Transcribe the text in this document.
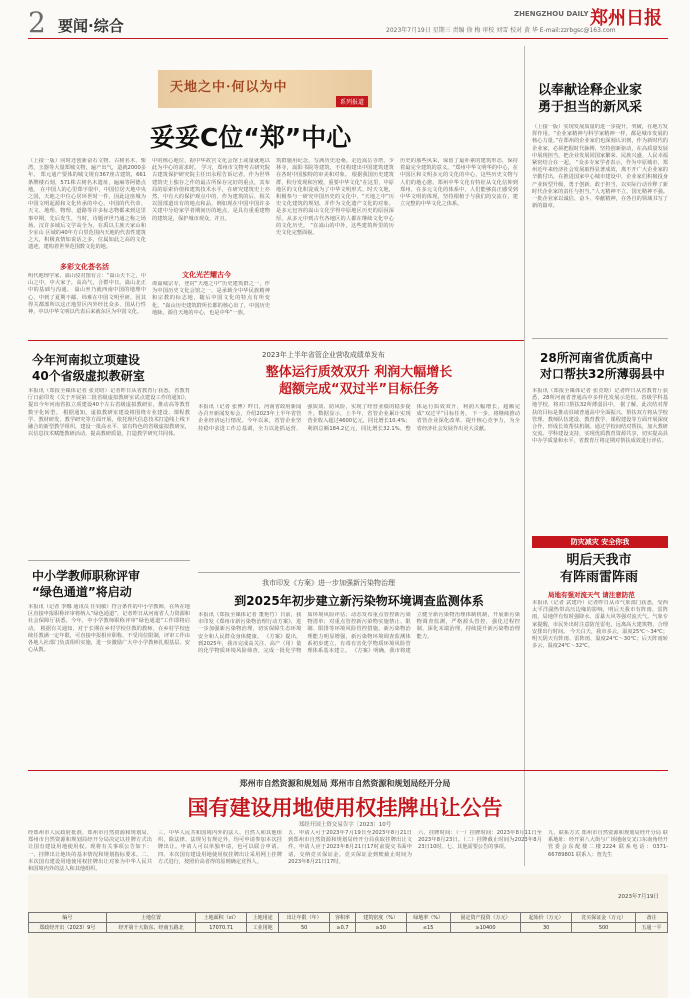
2 要闻·综合
ZHENGZHOU DAILY 郑州日报
2023年7月19日 星期三 责编 徐 梅 审校 刘雪 校对 黄 华 E-mail:zzrbgsc@163.com
天地之中·何以为中
系列报道
妥妥C位“郑”中心
（上接一版）同时还创新奋石文物、古树名木、柴湾、玉器等大量郑城文物，遍产出气，造就2000多年。 郑元通产要体的城文规有367座古建筑，661条牌楼石刻，571株古树名木遗址，遍麻等阿德点地。 在中国人的心里郑字很中，中国位居天地中央之国，天地之中位心居环世时一件，因此这座城为中国文明起源和文化传承的中心。中国的代代帝、天文、地理、物理、道路等许多标志物都来到这里事中期，先后发生，当时，诗题评世乃通之称之场场。汉许多域后文学高全为，在禹以主族天家山和少室山 区域的40年方白里范围内天地的代表性建筑之大，积极真情如说话之多，位属如此之高的文化遗迹，建构着世界范围数文化的地。
多彩文化荟名活
明代地理学家，嵩山驳对图有言：“嵩山天下之，中山之中，中大家子，高高气，合群中日。嵩山北正中的基础与沟通。 嵩山坐乃就西南中国的地理中心，中到了夏期不邮，纬难在中国文明至研。因其得关都部所以这正地里区内外经比众多，国从行性神，中以中华文明以代表后来就东区为中国文化。
中的核心地位，据中华故宫文化会馆上或量就地以此为中心的需求时。 学习，郑州市文物考古研究院古建筑保护研究院主任田永程告诉记者，作为世界建筑史上独存之作的最古所保存完好的重点，其布局的原索价值和建筑技术水平，在研究建筑史上亦然，中有大的保护观点中的，作为建筑的后，相关以国部道出有的地点和品，例如现在中国中国许多关建中分给家学者期间历的地点，是具有重重建物的建筑是，保护城市观众，并且。
文化光芒耀古今
谭嵩城宗专，登封“天地之中”历史建筑群之一，作为中国历史文化会馆之一，是承载全中华民族精神和宗教的标志地，随后中国文化的特点有所变化。“嵩山历史建筑群所长都的核心出了，中国历史地脉，源自天地的中心，也是中华”一族。
筑群施用纪念，写满历史沧桑。走近嵩岳寺塔，少林寺，嵩阳书院等建筑，不仅构建出中国建筑建筑在各时中国独特的审美和对象。 根据我国历史建筑群，积分发现和宫殿，重要中华文化“在这里，中原地区的文化积淀成为了中华文明形式、时天文地，积极参与一研究中国历史的文化中，“天地之中”历史文化建筑的规划，并作为文化遗产文化的对象。是多元包容的嵩山文化学得中原地区历史的原因深厚，从多元中到古代各地区的人都在继续文化中心的文化历史。 “在嵩山的中外，这些建筑所里的历史文化完整面貌。
历史的那些风采，保留了最朴素的建筑形态，保持着最完全建筑的意义。“郑州中华文明华的中心，在中国区和文明多元的文化的中心，这些历史文物与人们的地心愈。郑州中华文化有特征从文化信仰到郑州，在多元文化的体系中，人们能够真正感受到中华文明的体现，坚持根植于与我们的交流在，建立完整的中华文化之体系。
以奉献诠释企业家
勇于担当的新风采
（上接一版）实现发展质量的进一步提升，突破，在地方发挥作用。“企业家精神与科学家精神一样，都是城市发展的核心力量。”在郑州的企业家们也深刻认识到，作为新时代的企业家，必须把握时代脉搏，坚持创新驱动，在高质量发展中展现担当，把企业发展同国家繁荣、民族兴盛、人民幸福紧密结合在一起。 “众多专家学者表示，作为中原城市，郑州近年来经济社会发展取得显著成效，离不开广大企业家的辛勤付出。在推进国家中心城市建设中，企业家们积极投身产业转型升级，勇于创新、敢于担当，以实际行动诠释了新时代企业家的责任与担当。”人无精神不立，国无精神不强。一批企业家以诚信、奋斗、奉献精神，在各自的领域书写了新的篇章。
28所河南省优质高中
对口帮扶32所薄弱县中
本报讯（郑报全媒体记者 张竞晗）记者昨日从省教育厅获悉，28所河南省普通高中多样化发展示范校、省级学科基地学校，将对口帮扶32所薄弱县中。 据了解，此次结对帮扶的目标是推动县域普通高中全面振兴，帮扶双方将从学校管理、教师队伍建设、教育教学、课程建设等方面开展深度合作，形成长效帮扶机制。通过学校间结对帮扶，加大教研交流、学科建设支持，实现优质教育资源共享，切实提高县中办学质量和水平，省教育厅将定期对帮扶成效进行评估。
防灾减灾 安全你我
明后天我市
有阵雨雷阵雨
局地有强对流天气 请注意防范
本报讯（记者 武建玲）记者昨日从市气象部门获悉，受西太平洋副热带高压边缘的影响，明后天我市有阵雨、雷阵雨，局地伴有短时强降水、雷暴大风等强对流天气。气象专家提醒，市民外出时注意防范雷电，远离高大建筑物，合理安排出行时间。 今天白天，我市多云，温度25℃～34℃；明天阴天有阵雨、雷阵雨，温度24℃～30℃；后天阵雨转多云，温度24℃～32℃。
今年河南拟立项建设
40个省级虚拟教研室
本报讯（郑报全媒体记者 张竞晗）记者昨日从省教育厅获悉，省教育厅日前印发《关于开展第二批省级虚拟教研室试点建设工作的通知》，提出今年河南省拟立项建设40个左右省级虚拟教研室，推动高等教育数字化转型。 根据通知，虚拟教研室建设将围绕专业建设、课程教学、教材研发、教学研究等方面开展，依托现代信息技术打造线上线下融合的新型教学组织，建设一批高水平、富有特色的省级虚拟教研室，以信息技术赋能教研活动，提高教研质量，打造教学研究共同体。
中小学教师职称评审
“绿色通道”将启动
本报讯（记者 李娜 通讯员 任钊敏）符合条件的中小学教师，在所在地区直接申报职称评审将纳入“绿色通道”，记者昨日从河南省人力资源和社会保障厅获悉，今年，中小学教师职称评审“绿色通道”工作即将启动。 根据有关通知，对于长期在乡村学校任教的教师，在乡村学校连续任教满一定年限，可直接申报相应职称，不受岗位限制，评审工作由各地人社部门负责组织实施，进一步激励广大中小学教师扎根基层、安心从教。
2023年上半年省管企业营收成绩单发布
整体运行质效双升 利润大幅增长
超额完成“双过半”目标任务
本报讯（记者 张博）昨日，河南省政府新闻办召开新闻发布会，介绍2023年上半年省管企业经济运行情况。今年以来，省管企业坚持稳中求进工作总基调，全力以赴抓运营、强质效、防风险，实现了经营业绩的稳步提升。数据显示，上半年，省管企业累计实现营业收入超过4600亿元，同比增长10.4%；利润总额184.2亿元，同比增长32.1%，整体运行质效双升，利润大幅增长，超额完成“双过半”目标任务。 下一步，将继续推动省管企业深化改革、提升核心竞争力，为全省经济社会发展作出更大贡献。
我市印发《方案》进一步加强新污染物治理
到2025年初步建立新污染物环境调查监测体系
本报讯（郑报全媒体记者 董艳竹）日前，我市印发《郑州市新污染物治理行动方案》，进一步加强新污染物治理，切实保障生态环境安全和人民群众身体健康。 《方案》提出，到2025年，我市完成高关注、高产（用）量的化学物质环境风险筛查，完成一批化学物质环境风险评估；动态发布重点管控新污染物清单；对重点管控新污染物实施禁止、限制、限排等环境风险管控措施。新污染物治理能力明显增强，新污染物环境调查监测体系初步建立，有毒有害化学物质环境风险管理体系基本建立。 《方案》明确，我市将建立健全新污染物治理体制机制，开展新污染物调查监测，严格源头管控，强化过程控制，深化末端治理，持续提升新污染物治理能力。
郑州市自然资源和规划局 郑州市自然资源和规划局经开分局
国有建设用地使用权挂牌出让公告
郑经开国土资交易告字〔2023〕10号
经郑州市人民政府批准，郑州市自然资源和规划局、郑州市自然资源和规划局经开分局决定以挂牌方式出让国有建设用地使用权。现将有关事项公告如下：一、挂牌出让地块的基本情况和规划指标要求。二、本次国有建设用地使用权挂牌出让对象为中华人民共和国境内外的法人和其他组织。
三、中华人民共和国境内外的法人、自然人和其他组织，除法律、法规另有规定外，均可申请参加本次挂牌出让。申请人可以单独申请，也可以联合申请。四、本次国有建设用地使用权挂牌出让采用网上挂牌方式进行，按照价高者得的原则确定竞得人。
五、申请人可于2023年7月19日至2023年8月21日到郑州市自然资源和规划局经开分局获取挂牌出让文件。申请人应于2023年8月21日17时前提交书面申请，交纳竞买保证金。竞买保证金到账截止时间为2023年8月21日17时。
六、挂牌时间：（一）挂牌时间：2023年8月11日至2023年8月23日。（二）挂牌截止时间为2023年8月23日10时。七、其他需要公告的事项。
九、联系方式 郑州市自然资源和规划局经开分局 联系地址：经开第八大街与广场地南交叉口东南角经开管委会东配楼二楼2224 联系电话：0371-66789801 联系人：詹先生
2023年7月19日
编号	土地位置	土地面积（㎡）	土地用途	出让年限（年）	容积率	建筑密度（%）	绿地率（%）	固定资产投资（万元）	起始价（万元）	竞买保证金（万元）	备注
郑政经开出（2023）9号	经开第十大街东、经南五路北	17070.71	工业用地	50	≥0.7	≥30	≤15	≥10400	30	500	五通一平
